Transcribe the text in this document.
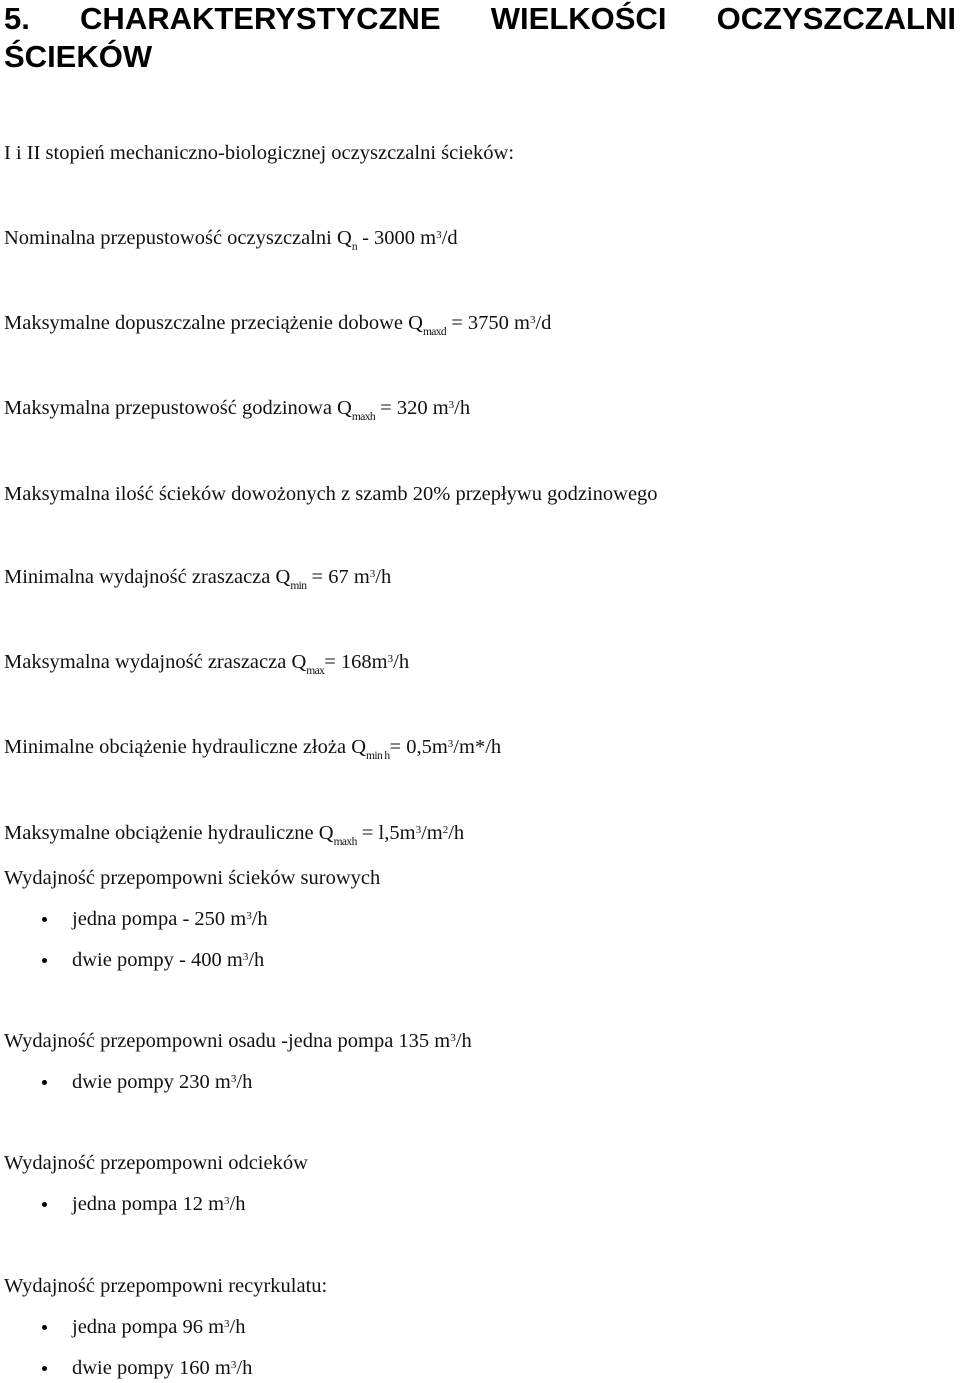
5. CHARAKTERYSTYCZNE WIELKOŚCI OCZYSZCZALNI
ŚCIEKÓW
I i II stopień mechaniczno-biologicznej oczyszczalni ścieków:
Nominalna przepustowość oczyszczalni $Q_n - 3000$ $m^3/d$
Maksymalne dopuszczalne przeciążenie dobowe $Q_{maxd} = 3750$ $m^3/d$
Maksymalna przepustowość godzinowa $Q_{maxh} = 320$ $m^3/h$
Maksymalna ilość ścieków dowożonych z szamb 20% przepływu godzinowego
Minimalna wydajność zraszacza $Q_{min} = 67$ $m^3/h$
Maksymalna wydajność zraszacza $Q_{max}= 168m^3/h$
Minimalne obciążenie hydrauliczne złoża $Q_{min h}= 0,5m^3/m*/h$
Maksymalne obciążenie hydrauliczne $Q_{maxh} = l,5m^3/m^2/h$
Wydajność przepompowni ścieków surowych
jedna pompa - 250 $m^3/h$
dwie pompy - 400 $m^3/h$
Wydajność przepompowni osadu -jedna pompa 135 $m^3/h$
dwie pompy 230 $m^3/h$
Wydajność przepompowni odcieków
jedna pompa 12 $m^3/h$
Wydajność przepompowni recyrkulatu:
jedna pompa 96 $m^3/h$
dwie pompy 160 $m^3/h$
